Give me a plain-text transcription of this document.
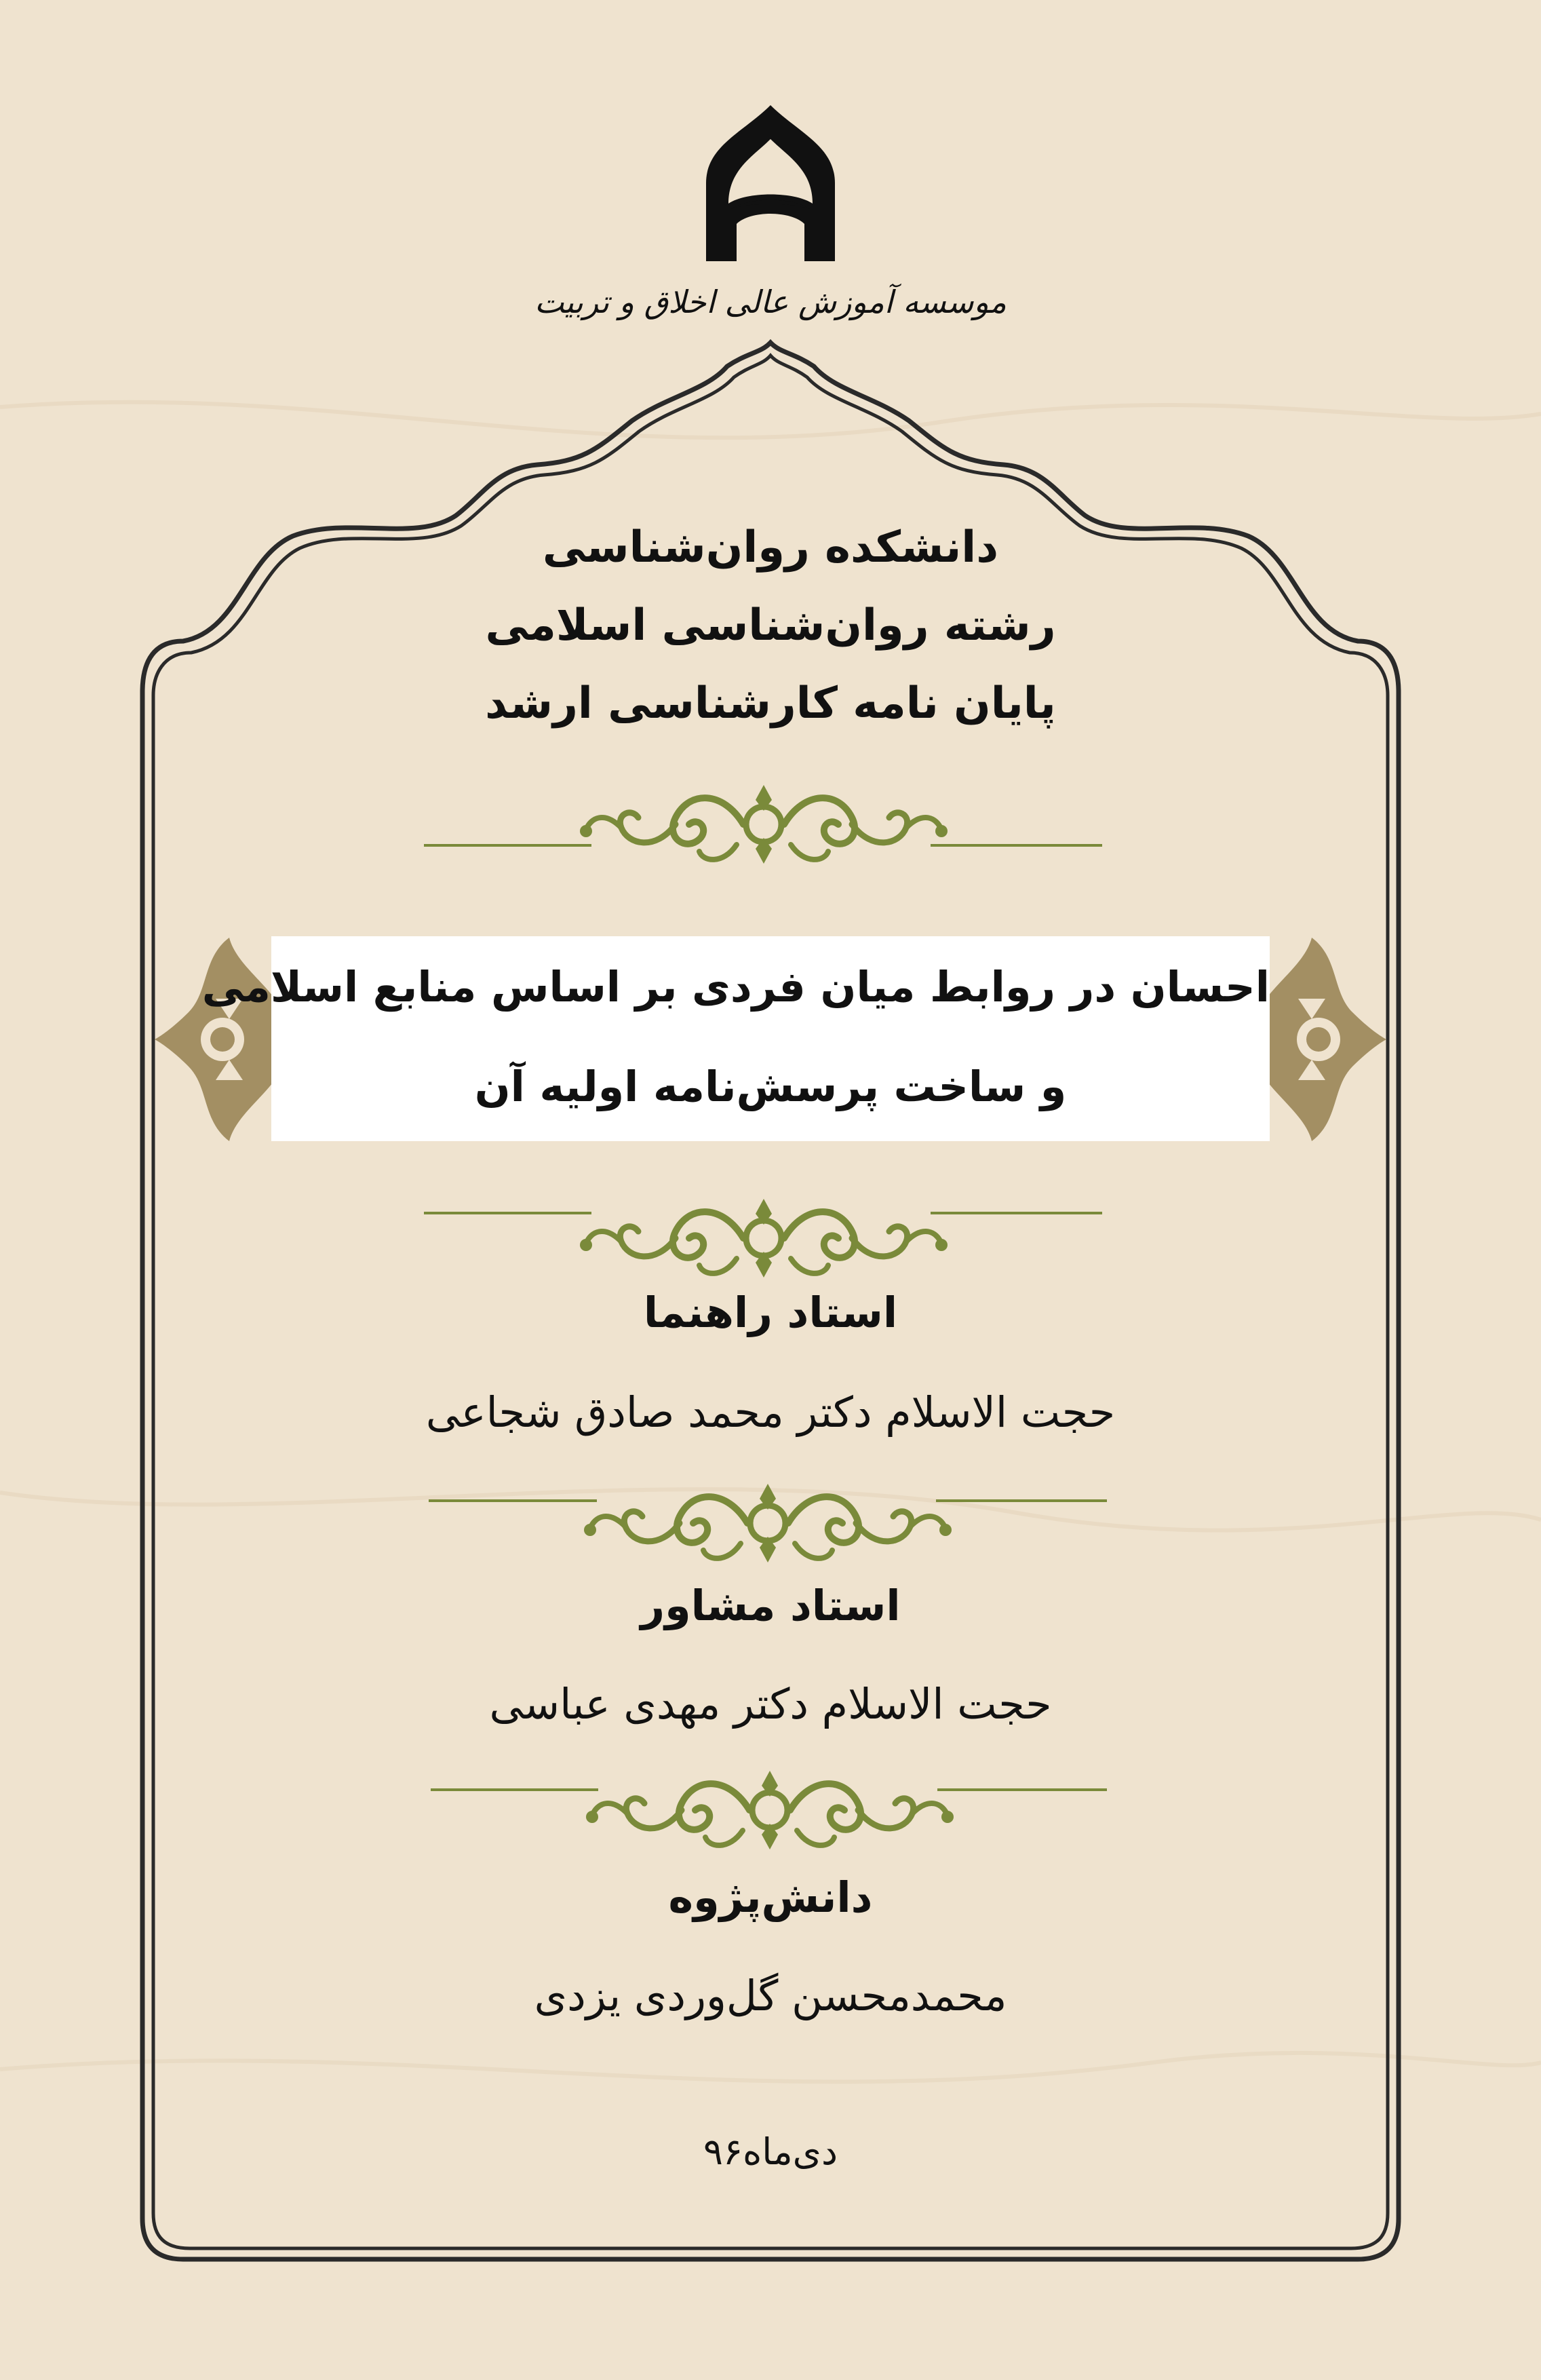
موسسه آموزش عالی اخلاق و تربیت
دانشکده روان‌شناسی
رشته روان‌شناسی اسلامی
پایان نامه کارشناسی ارشد
احسان در روابط میان فردی بر اساس منابع اسلامی
و ساخت پرسش‌نامه اولیه آن
استاد راهنما
حجت الاسلام دکتر محمد صادق شجاعی
استاد مشاور
حجت الاسلام دکتر مهدی عباسی
دانش‌پژوه
محمدمحسن گل‌وردی یزدی
دی‌ماه۹۶
